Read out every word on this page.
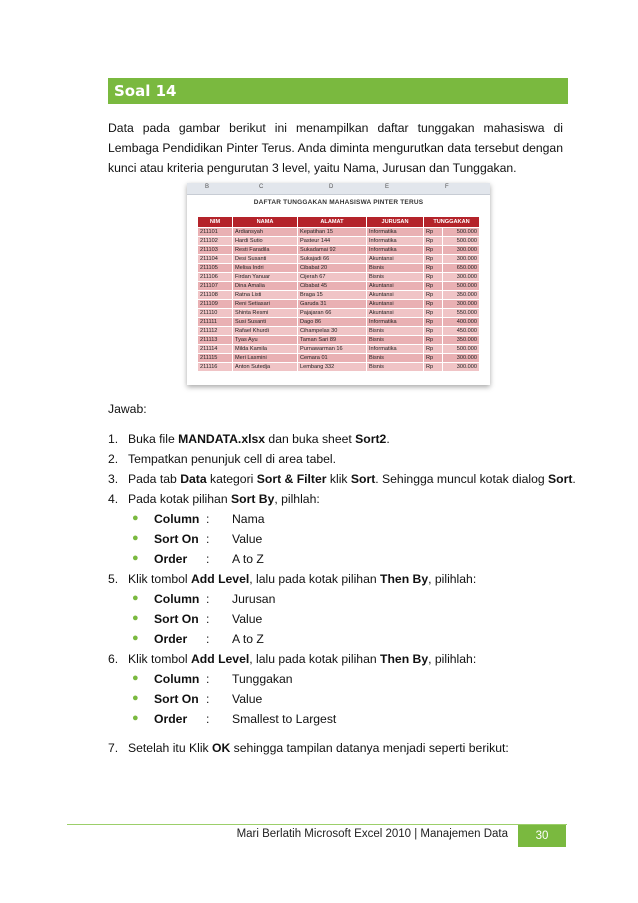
Soal 14
Data pada gambar berikut ini menampilkan daftar tunggakan mahasiswa di Lembaga Pendidikan Pinter Terus. Anda diminta mengurutkan data tersebut dengan kunci atau kriteria pengurutan 3 level, yaitu Nama, Jurusan dan Tunggakan.
B	C	D	E	F
DAFTAR TUNGGAKAN MAHASISWA PINTER TERUS
NIM	NAMA	ALAMAT	JURUSAN	TUNGGAKAN	
211101	Ardiansyah	Kepatihan 15	Informatika	Rp	500.000
211102	Hardi Sutio	Pasteur 144	Informatika	Rp	500.000
211103	Resti Faradila	Sukadamai 92	Informatika	Rp	300.000
211104	Desi Susanti	Sukajadi 66	Akuntansi	Rp	300.000
211105	Melisa Indri	Cibabat 20	Bisnis	Rp	650.000
211106	Firdan Yanuar	Cijerah 67	Bisnis	Rp	300.000
211107	Dina Amalia	Cibabat 45	Akuntansi	Rp	500.000
211108	Ratna Listi	Braga 15	Akuntansi	Rp	350.000
211109	Reni Setiasari	Garuda 31	Akuntansi	Rp	300.000
211110	Shinta Resmi	Pajajaran 66	Akuntansi	Rp	550.000
211111	Susi Susanti	Dago 86	Informatika	Rp	400.000
211112	Rafael Khurdi	Cihampelas 30	Bisnis	Rp	450.000
211113	Tyas Ayu	Taman Sari 89	Bisnis	Rp	350.000
211114	Milda Kamila	Purnawarman 16	Informatika	Rp	500.000
211115	Meri Lasmini	Cemara 01	Bisnis	Rp	300.000
211116	Anton Sutedja	Lembang 332	Bisnis	Rp	300.000
Jawab:
1. Buka file MANDATA.xlsx dan buka sheet Sort2.
2. Tempatkan penunjuk cell di area tabel.
3. Pada tab Data kategori Sort & Filter klik Sort. Sehingga muncul kotak dialog Sort.
4. Pada kotak pilihan Sort By, pilhlah:
● Column : Nama
● Sort On : Value
● Order : A to Z
5. Klik tombol Add Level, lalu pada kotak pilihan Then By, pilihlah:
● Column : Jurusan
● Sort On : Value
● Order : A to Z
6. Klik tombol Add Level, lalu pada kotak pilihan Then By, pilihlah:
● Column : Tunggakan
● Sort On : Value
● Order : Smallest to Largest
7. Setelah itu Klik OK sehingga tampilan datanya menjadi seperti berikut:
Mari Berlatih Microsoft Excel 2010 | Manajemen Data	30
